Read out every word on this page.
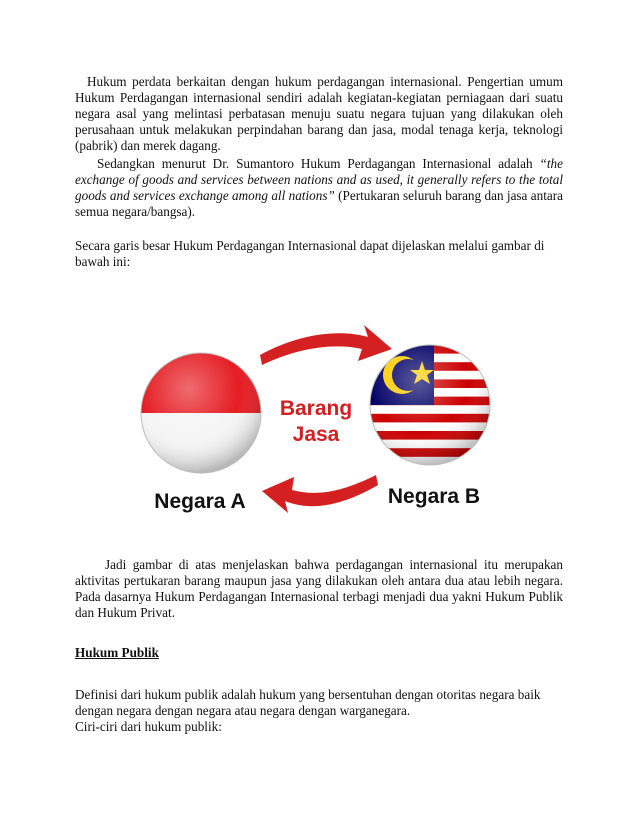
Hukum perdata berkaitan dengan hukum perdagangan internasional. Pengertian umum Hukum Perdagangan internasional sendiri adalah kegiatan-kegiatan perniagaan dari suatu negara asal yang melintasi perbatasan menuju suatu negara tujuan yang dilakukan oleh perusahaan untuk melakukan perpindahan barang dan jasa, modal tenaga kerja, teknologi (pabrik) dan merek dagang.

Sedangkan menurut Dr. Sumantoro Hukum Perdagangan Internasional adalah “the exchange of goods and services between nations and as used, it generally refers to the total goods and services exchange among all nations” (Pertukaran seluruh barang dan jasa antara semua negara/bangsa).

Secara garis besar Hukum Perdagangan Internasional dapat dijelaskan melalui gambar di bawah ini:

Barang
Jasa
Negara A	Negara B

Jadi gambar di atas menjelaskan bahwa perdagangan internasional itu merupakan aktivitas pertukaran barang maupun jasa yang dilakukan oleh antara dua atau lebih negara. Pada dasarnya Hukum Perdagangan Internasional terbagi menjadi dua yakni Hukum Publik dan Hukum Privat.

Hukum Publik

Definisi dari hukum publik adalah hukum yang bersentuhan dengan otoritas negara baik dengan negara dengan negara atau negara dengan warganegara.

Ciri-ciri dari hukum publik:
